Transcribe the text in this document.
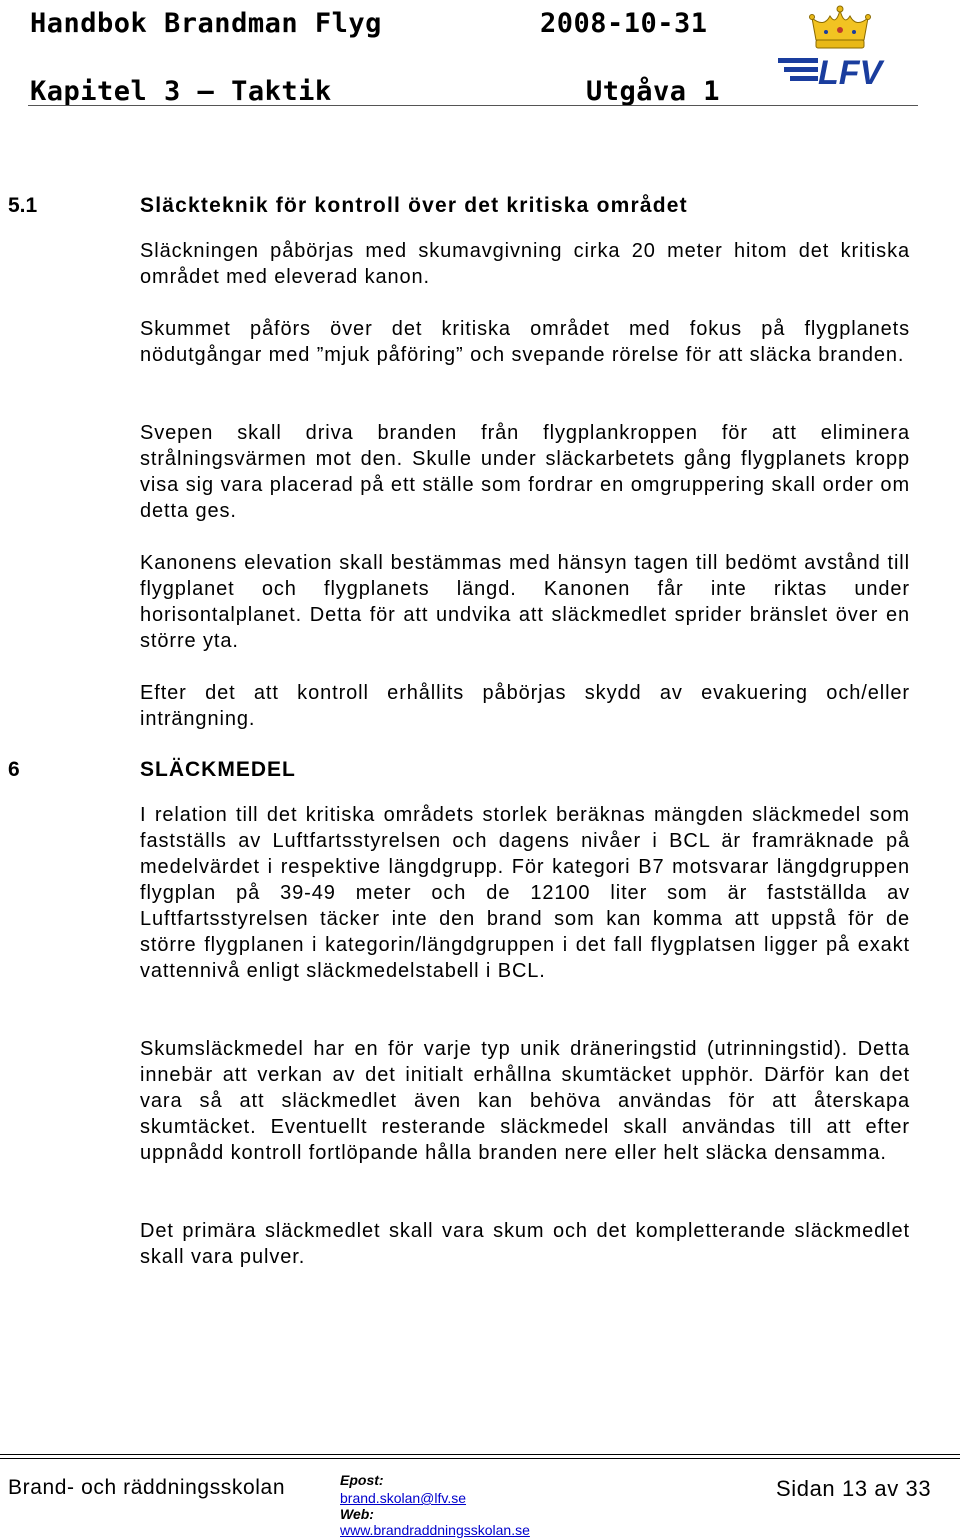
Handbok Brandman Flyg	2008-10-31
Kapitel 3 — Taktik	Utgåva 1	LFV
5.1	Släckteknik för kontroll över det kritiska området
Släckningen påbörjas med skumavgivning cirka 20 meter hitom det kritiska området med eleverad kanon.
Skummet påförs över det kritiska området med fokus på flygplanets nödutgångar med ”mjuk påföring” och svepande rörelse för att släcka branden.
Svepen skall driva branden från flygplankroppen för att eliminera strålningsvärmen mot den. Skulle under släckarbetets gång flygplanets kropp visa sig vara placerad på ett ställe som fordrar en omgruppering skall order om detta ges.
Kanonens elevation skall bestämmas med hänsyn tagen till bedömt avstånd till flygplanet och flygplanets längd. Kanonen får inte riktas under horisontalplanet. Detta för att undvika att släckmedlet sprider bränslet över en större yta.
Efter det att kontroll erhållits påbörjas skydd av evakuering och/eller inträngning.
6	SLÄCKMEDEL
I relation till det kritiska områdets storlek beräknas mängden släckmedel som fastställs av Luftfartsstyrelsen och dagens nivåer i BCL är framräknade på medelvärdet i respektive längdgrupp. För kategori B7 motsvarar längdgruppen flygplan på 39-49 meter och de 12100 liter som är fastställda av Luftfartsstyrelsen täcker inte den brand som kan komma att uppstå för de större flygplanen i kategorin/längdgruppen i det fall flygplatsen ligger på exakt vattennivå enligt släckmedelstabell i BCL.
Skumsläckmedel har en för varje typ unik dräneringstid (utrinningstid). Detta innebär att verkan av det initialt erhållna skumtäcket upphör. Därför kan det vara så att släckmedlet även kan behöva användas för att återskapa skumtäcket. Eventuellt resterande släckmedel skall användas till att efter uppnådd kontroll fortlöpande hålla branden nere eller helt släcka densamma.
Det primära släckmedlet skall vara skum och det kompletterande släckmedlet skall vara pulver.
Brand- och räddningsskolan	Epost:
brand.skolan@lfv.se
Web:
www.brandraddningsskolan.se
Sidan 13 av 33
